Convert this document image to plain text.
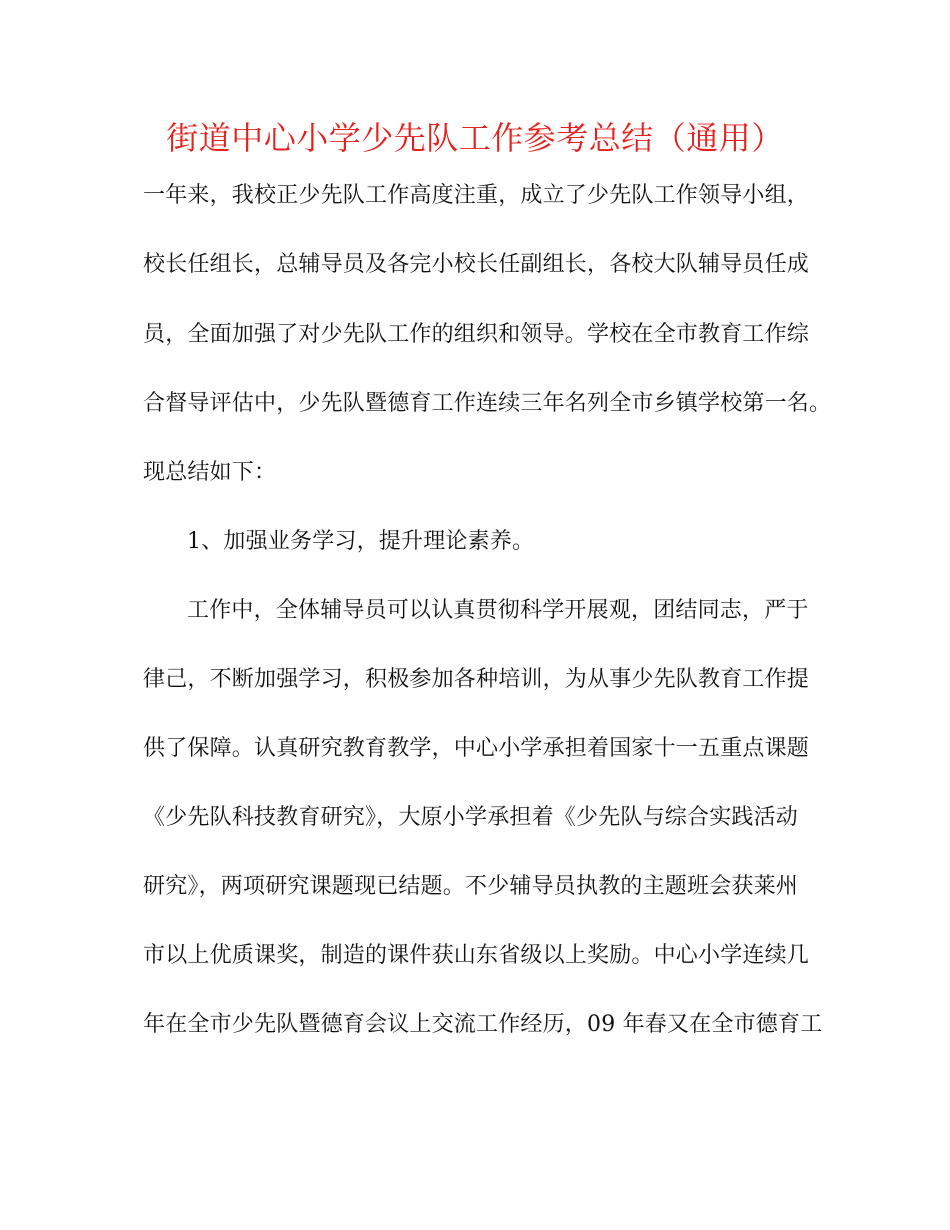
街道中心小学少先队工作参考总结（通用）
一年来，我校正少先队工作高度注重，成立了少先队工作领导小组，
校长任组长，总辅导员及各完小校长任副组长，各校大队辅导员任成
员，全面加强了对少先队工作的组织和领导。学校在全市教育工作综
合督导评估中，少先队暨德育工作连续三年名列全市乡镇学校第一名。
现总结如下：
1、加强业务学习，提升理论素养。
工作中，全体辅导员可以认真贯彻科学开展观，团结同志，严于
律己，不断加强学习，积极参加各种培训，为从事少先队教育工作提
供了保障。认真研究教育教学，中心小学承担着国家十一五重点课题
《少先队科技教育研究》，大原小学承担着《少先队与综合实践活动
研究》，两项研究课题现已结题。不少辅导员执教的主题班会获莱州
市以上优质课奖，制造的课件获山东省级以上奖励。中心小学连续几
年在全市少先队暨德育会议上交流工作经历，09 年春又在全市德育工
